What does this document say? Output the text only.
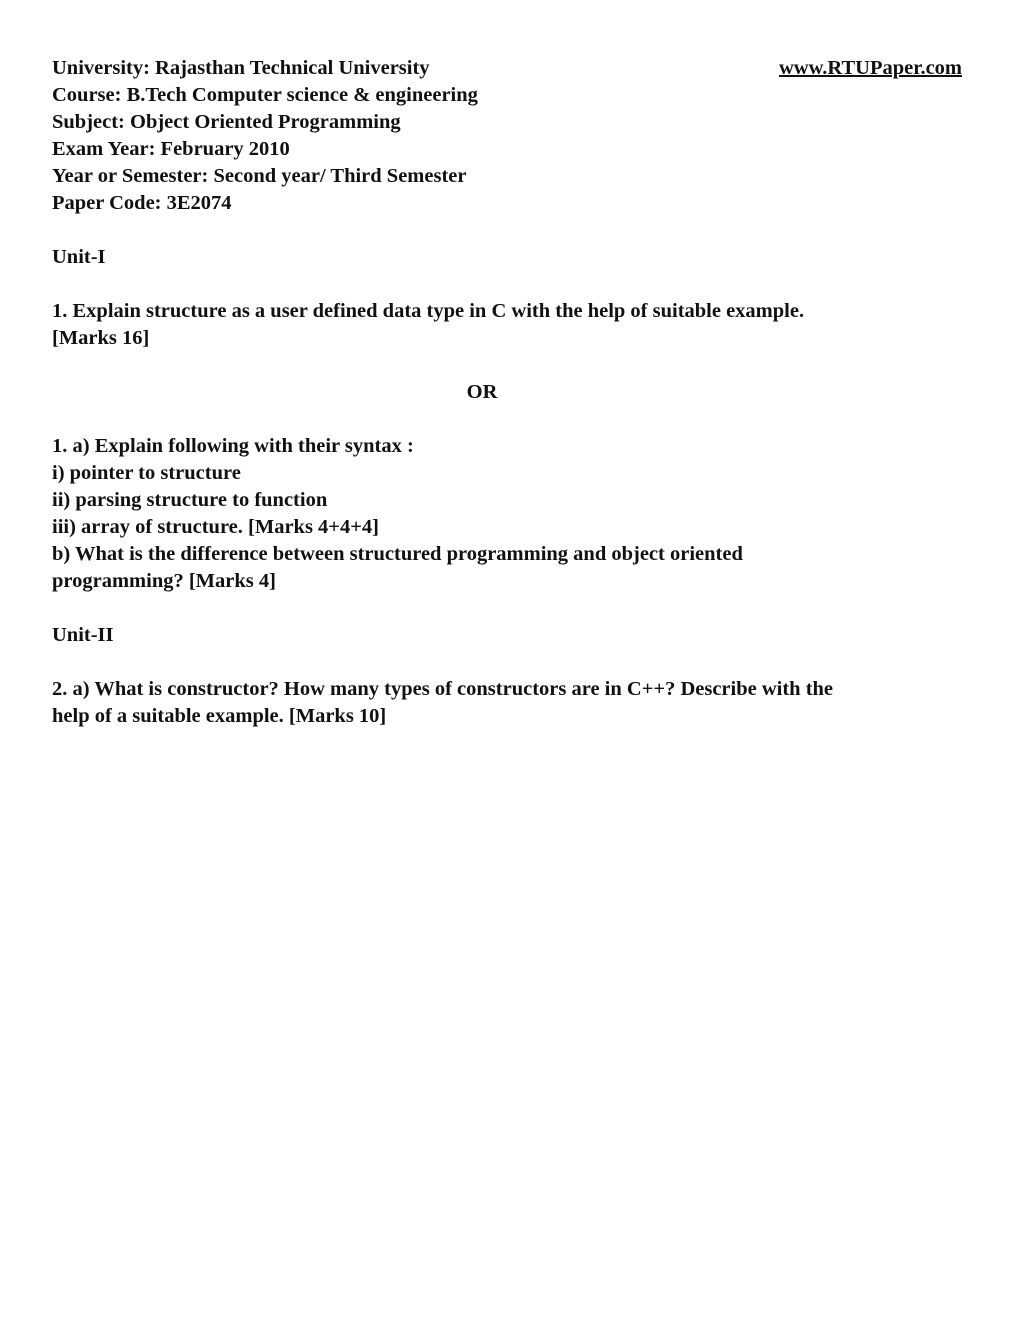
University: Rajasthan Technical University	www.RTUPaper.com
Course: B.Tech Computer science & engineering
Subject: Object Oriented Programming
Exam Year: February 2010
Year or Semester: Second year/ Third Semester
Paper Code: 3E2074
Unit-I
1. Explain structure as a user defined data type in C with the help of suitable example.
[Marks 16]
OR
1. a) Explain following with their syntax :
i) pointer to structure
ii) parsing structure to function
iii) array of structure. [Marks 4+4+4]
b) What is the difference between structured programming and object oriented
programming? [Marks 4]
Unit-II
2. a) What is constructor? How many types of constructors are in C++? Describe with the
help of a suitable example. [Marks 10]
